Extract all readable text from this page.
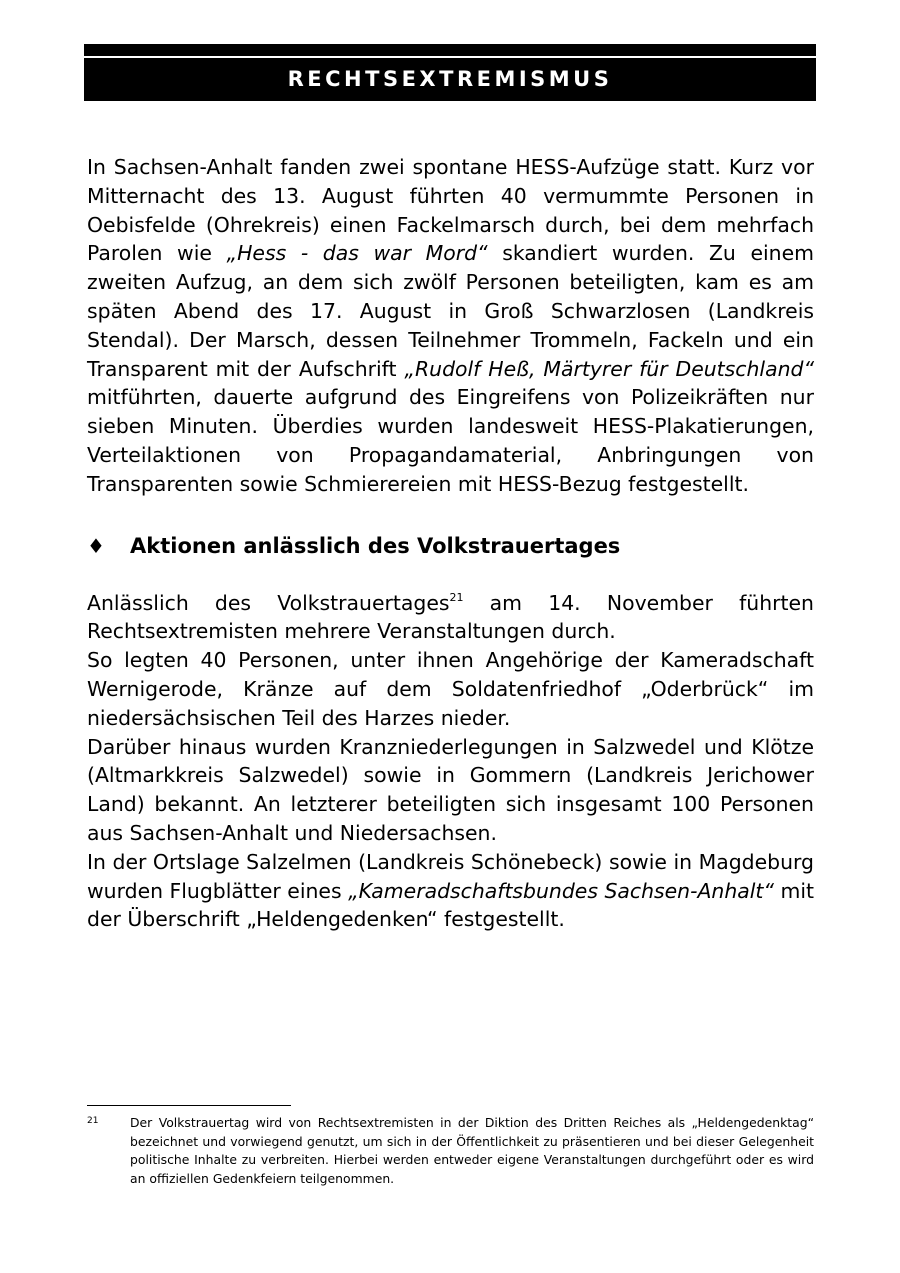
RECHTSEXTREMISMUS

In Sachsen-Anhalt fanden zwei spontane HESS-Aufzüge statt. Kurz vor Mitternacht des 13. August führten 40 vermummte Personen in Oebisfelde (Ohrekreis) einen Fackelmarsch durch, bei dem mehrfach Parolen wie „Hess - das war Mord“ skandiert wurden. Zu einem zweiten Aufzug, an dem sich zwölf Personen beteiligten, kam es am späten Abend des 17. August in Groß Schwarzlosen (Landkreis Stendal). Der Marsch, dessen Teilnehmer Trommeln, Fackeln und ein Transparent mit der Aufschrift „Rudolf Heß, Märtyrer für Deutschland“ mitführten, dauerte aufgrund des Eingreifens von Polizeikräften nur sieben Minuten. Überdies wurden landesweit HESS-Plakatierungen, Verteilaktionen von Propagandamaterial, Anbringungen von Transparenten sowie Schmierereien mit HESS-Bezug festgestellt.

♦ Aktionen anlässlich des Volkstrauertages

Anlässlich des Volkstrauertages$^{21}$ am 14. November führten Rechtsextremisten mehrere Veranstaltungen durch.

So legten 40 Personen, unter ihnen Angehörige der Kameradschaft Wernigerode, Kränze auf dem Soldatenfriedhof „Oderbrück“ im niedersächsischen Teil des Harzes nieder.

Darüber hinaus wurden Kranzniederlegungen in Salzwedel und Klötze (Altmarkkreis Salzwedel) sowie in Gommern (Landkreis Jerichower Land) bekannt. An letzterer beteiligten sich insgesamt 100 Personen aus Sachsen-Anhalt und Niedersachsen.

In der Ortslage Salzelmen (Landkreis Schönebeck) sowie in Magdeburg wurden Flugblätter eines „Kameradschaftsbundes Sachsen-Anhalt“ mit der Überschrift „Heldengedenken“ festgestellt.

21	Der Volkstrauertag wird von Rechtsextremisten in der Diktion des Dritten Reiches als „Heldengedenktag“ bezeichnet und vorwiegend genutzt, um sich in der Öffentlichkeit zu präsentieren und bei dieser Gelegenheit politische Inhalte zu verbreiten. Hierbei werden entweder eigene Veranstaltungen durchgeführt oder es wird an offiziellen Gedenkfeiern teilgenommen.
